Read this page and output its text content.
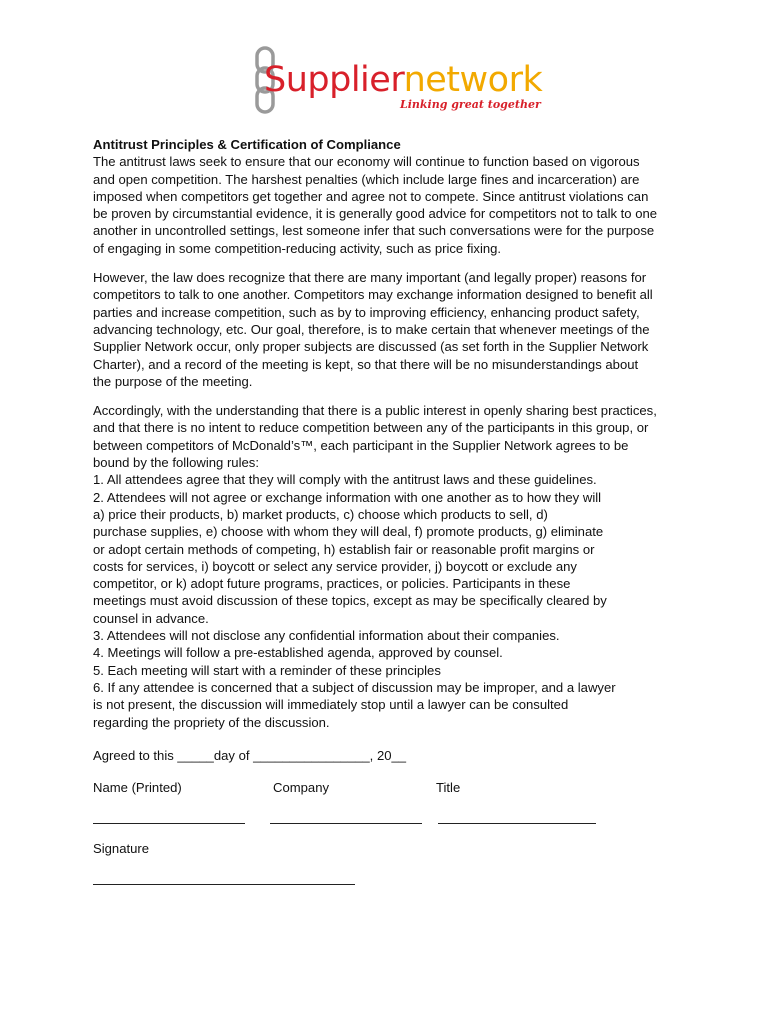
Suppliernetwork
Linking great together
Antitrust Principles & Certification of Compliance
The antitrust laws seek to ensure that our economy will continue to function based on vigorous
and open competition. The harshest penalties (which include large fines and incarceration) are
imposed when competitors get together and agree not to compete. Since antitrust violations can
be proven by circumstantial evidence, it is generally good advice for competitors not to talk to one
another in uncontrolled settings, lest someone infer that such conversations were for the purpose
of engaging in some competition-reducing activity, such as price fixing.
However, the law does recognize that there are many important (and legally proper) reasons for
competitors to talk to one another. Competitors may exchange information designed to benefit all
parties and increase competition, such as by to improving efficiency, enhancing product safety,
advancing technology, etc. Our goal, therefore, is to make certain that whenever meetings of the
Supplier Network occur, only proper subjects are discussed (as set forth in the Supplier Network
Charter), and a record of the meeting is kept, so that there will be no misunderstandings about
the purpose of the meeting.
Accordingly, with the understanding that there is a public interest in openly sharing best practices,
and that there is no intent to reduce competition between any of the participants in this group, or
between competitors of McDonald’s™, each participant in the Supplier Network agrees to be
bound by the following rules:
1. All attendees agree that they will comply with the antitrust laws and these guidelines.
2. Attendees will not agree or exchange information with one another as to how they will
a) price their products, b) market products, c) choose which products to sell, d)
purchase supplies, e) choose with whom they will deal, f) promote products, g) eliminate
or adopt certain methods of competing, h) establish fair or reasonable profit margins or
costs for services, i) boycott or select any service provider, j) boycott or exclude any
competitor, or k) adopt future programs, practices, or policies. Participants in these
meetings must avoid discussion of these topics, except as may be specifically cleared by
counsel in advance.
3. Attendees will not disclose any confidential information about their companies.
4. Meetings will follow a pre-established agenda, approved by counsel.
5. Each meeting will start with a reminder of these principles
6. If any attendee is concerned that a subject of discussion may be improper, and a lawyer
is not present, the discussion will immediately stop until a lawyer can be consulted
regarding the propriety of the discussion.
Agreed to this _____day of ________________, 20__
Name (Printed)	Company	Title
Signature
